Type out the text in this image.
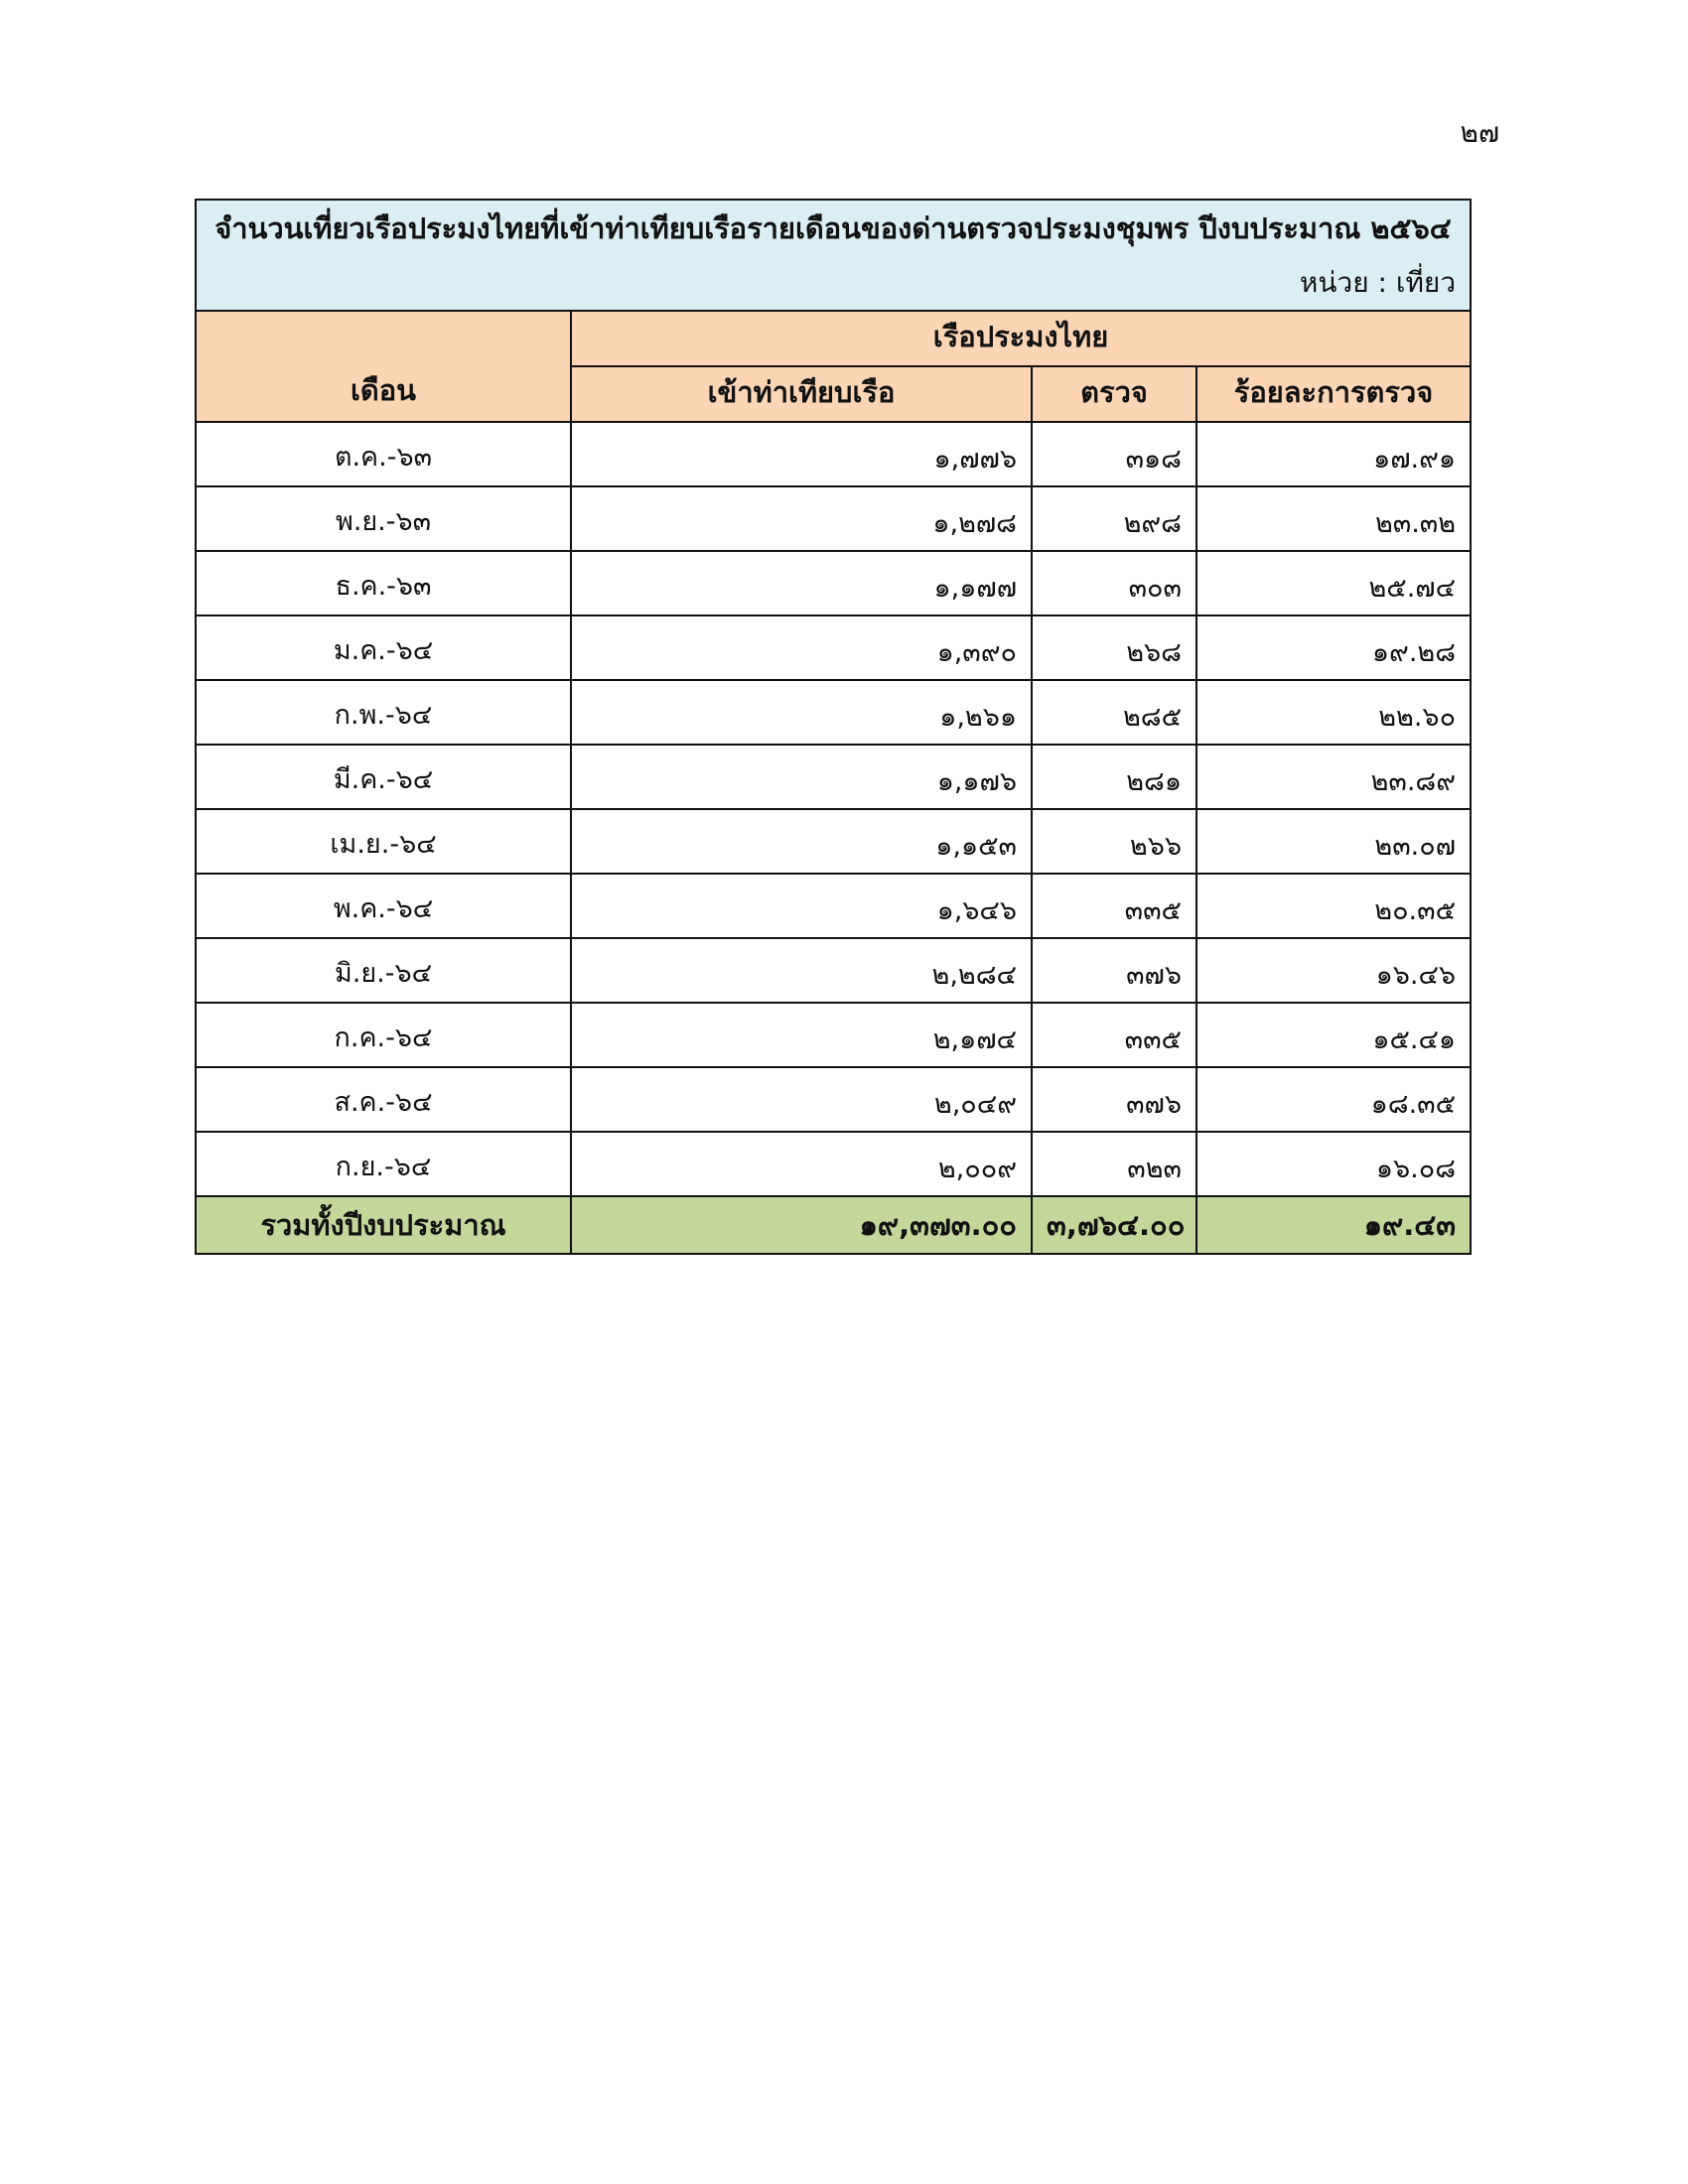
๒๗
จำนวนเที่ยวเรือประมงไทยที่เข้าท่าเทียบเรือรายเดือนของด่านตรวจประมงชุมพร ปีงบประมาณ ๒๕๖๔			
หน่วย : เที่ยว			
เดือน	เรือประมงไทย		
	เข้าท่าเทียบเรือ	ตรวจ	ร้อยละการตรวจ
ต.ค.-๖๓	๑,๗๗๖	๓๑๘	๑๗.๙๑
พ.ย.-๖๓	๑,๒๗๘	๒๙๘	๒๓.๓๒
ธ.ค.-๖๓	๑,๑๗๗	๓๐๓	๒๕.๗๔
ม.ค.-๖๔	๑,๓๙๐	๒๖๘	๑๙.๒๘
ก.พ.-๖๔	๑,๒๖๑	๒๘๕	๒๒.๖๐
มี.ค.-๖๔	๑,๑๗๖	๒๘๑	๒๓.๘๙
เม.ย.-๖๔	๑,๑๕๓	๒๖๖	๒๓.๐๗
พ.ค.-๖๔	๑,๖๔๖	๓๓๕	๒๐.๓๕
มิ.ย.-๖๔	๒,๒๘๔	๓๗๖	๑๖.๔๖
ก.ค.-๖๔	๒,๑๗๔	๓๓๕	๑๕.๔๑
ส.ค.-๖๔	๒,๐๔๙	๓๗๖	๑๘.๓๕
ก.ย.-๖๔	๒,๐๐๙	๓๒๓	๑๖.๐๘
รวมทั้งปีงบประมาณ	๑๙,๓๗๓.๐๐	๓,๗๖๔.๐๐	๑๙.๔๓
